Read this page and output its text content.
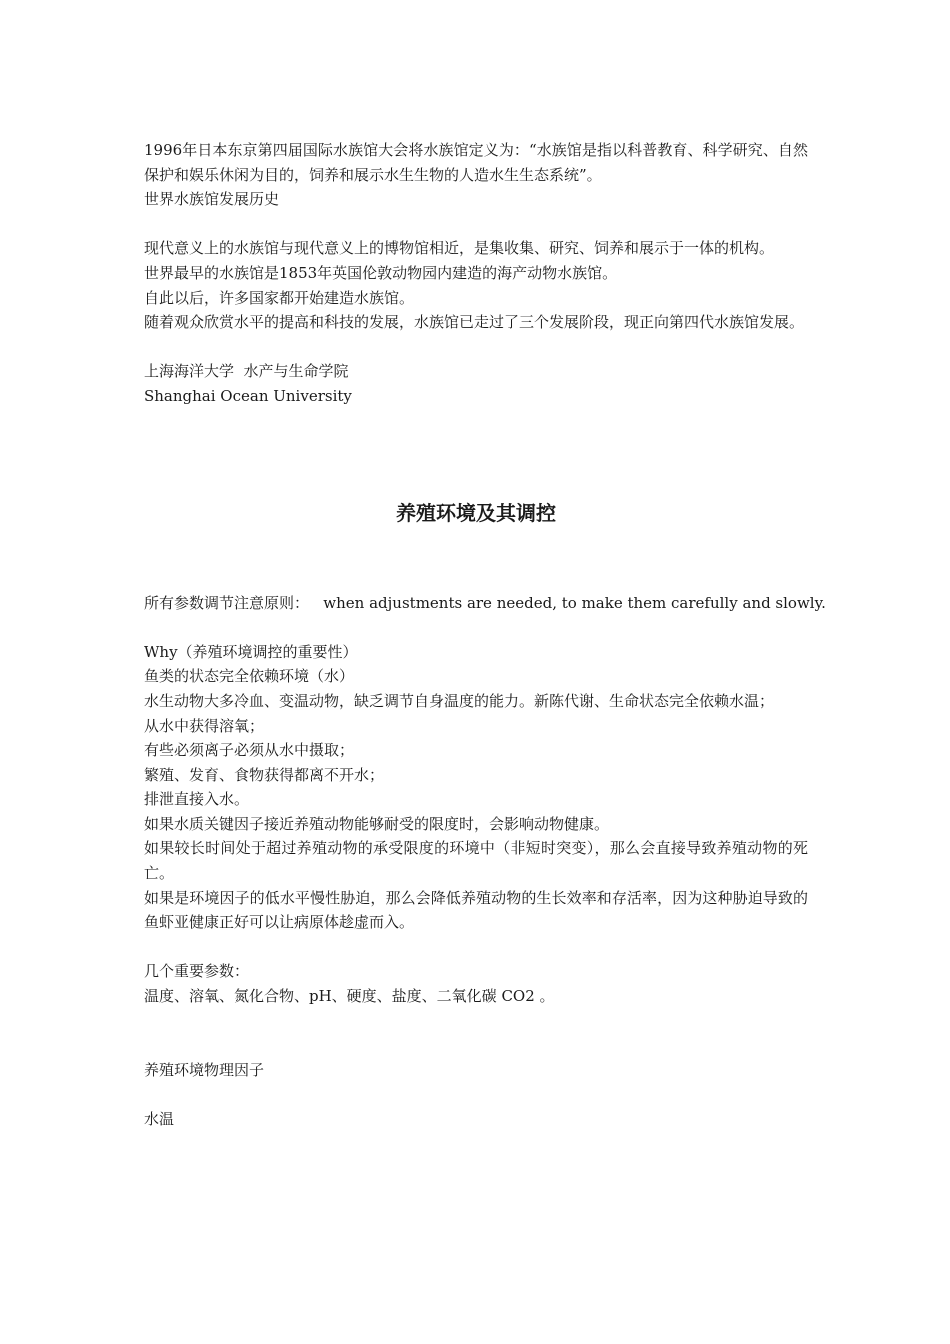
1996年日本东京第四届国际水族馆大会将水族馆定义为：“水族馆是指以科普教育、科学研究、自然保护和娱乐休闲为目的，饲养和展示水生生物的人造水生生态系统”。

世界水族馆发展历史

现代意义上的水族馆与现代意义上的博物馆相近，是集收集、研究、饲养和展示于一体的机构。

世界最早的水族馆是1853年英国伦敦动物园内建造的海产动物水族馆。

自此以后，许多国家都开始建造水族馆。

随着观众欣赏水平的提高和科技的发展，水族馆已走过了三个发展阶段，现正向第四代水族馆发展。

上海海洋大学  水产与生命学院

Shanghai Ocean University

养殖环境及其调控

所有参数调节注意原则：   when adjustments are needed, to make them carefully and slowly.

Why（养殖环境调控的重要性）

鱼类的状态完全依赖环境（水）

水生动物大多冷血、变温动物，缺乏调节自身温度的能力。新陈代谢、生命状态完全依赖水温；

从水中获得溶氧；

有些必须离子必须从水中摄取；

繁殖、发育、食物获得都离不开水；

排泄直接入水。

如果水质关键因子接近养殖动物能够耐受的限度时，会影响动物健康。

如果较长时间处于超过养殖动物的承受限度的环境中（非短时突变），那么会直接导致养殖动物的死亡。

如果是环境因子的低水平慢性胁迫，那么会降低养殖动物的生长效率和存活率，因为这种胁迫导致的鱼虾亚健康正好可以让病原体趁虚而入。

几个重要参数：

温度、溶氧、氮化合物、pH、硬度、盐度、二氧化碳 CO2 。

养殖环境物理因子

水温
